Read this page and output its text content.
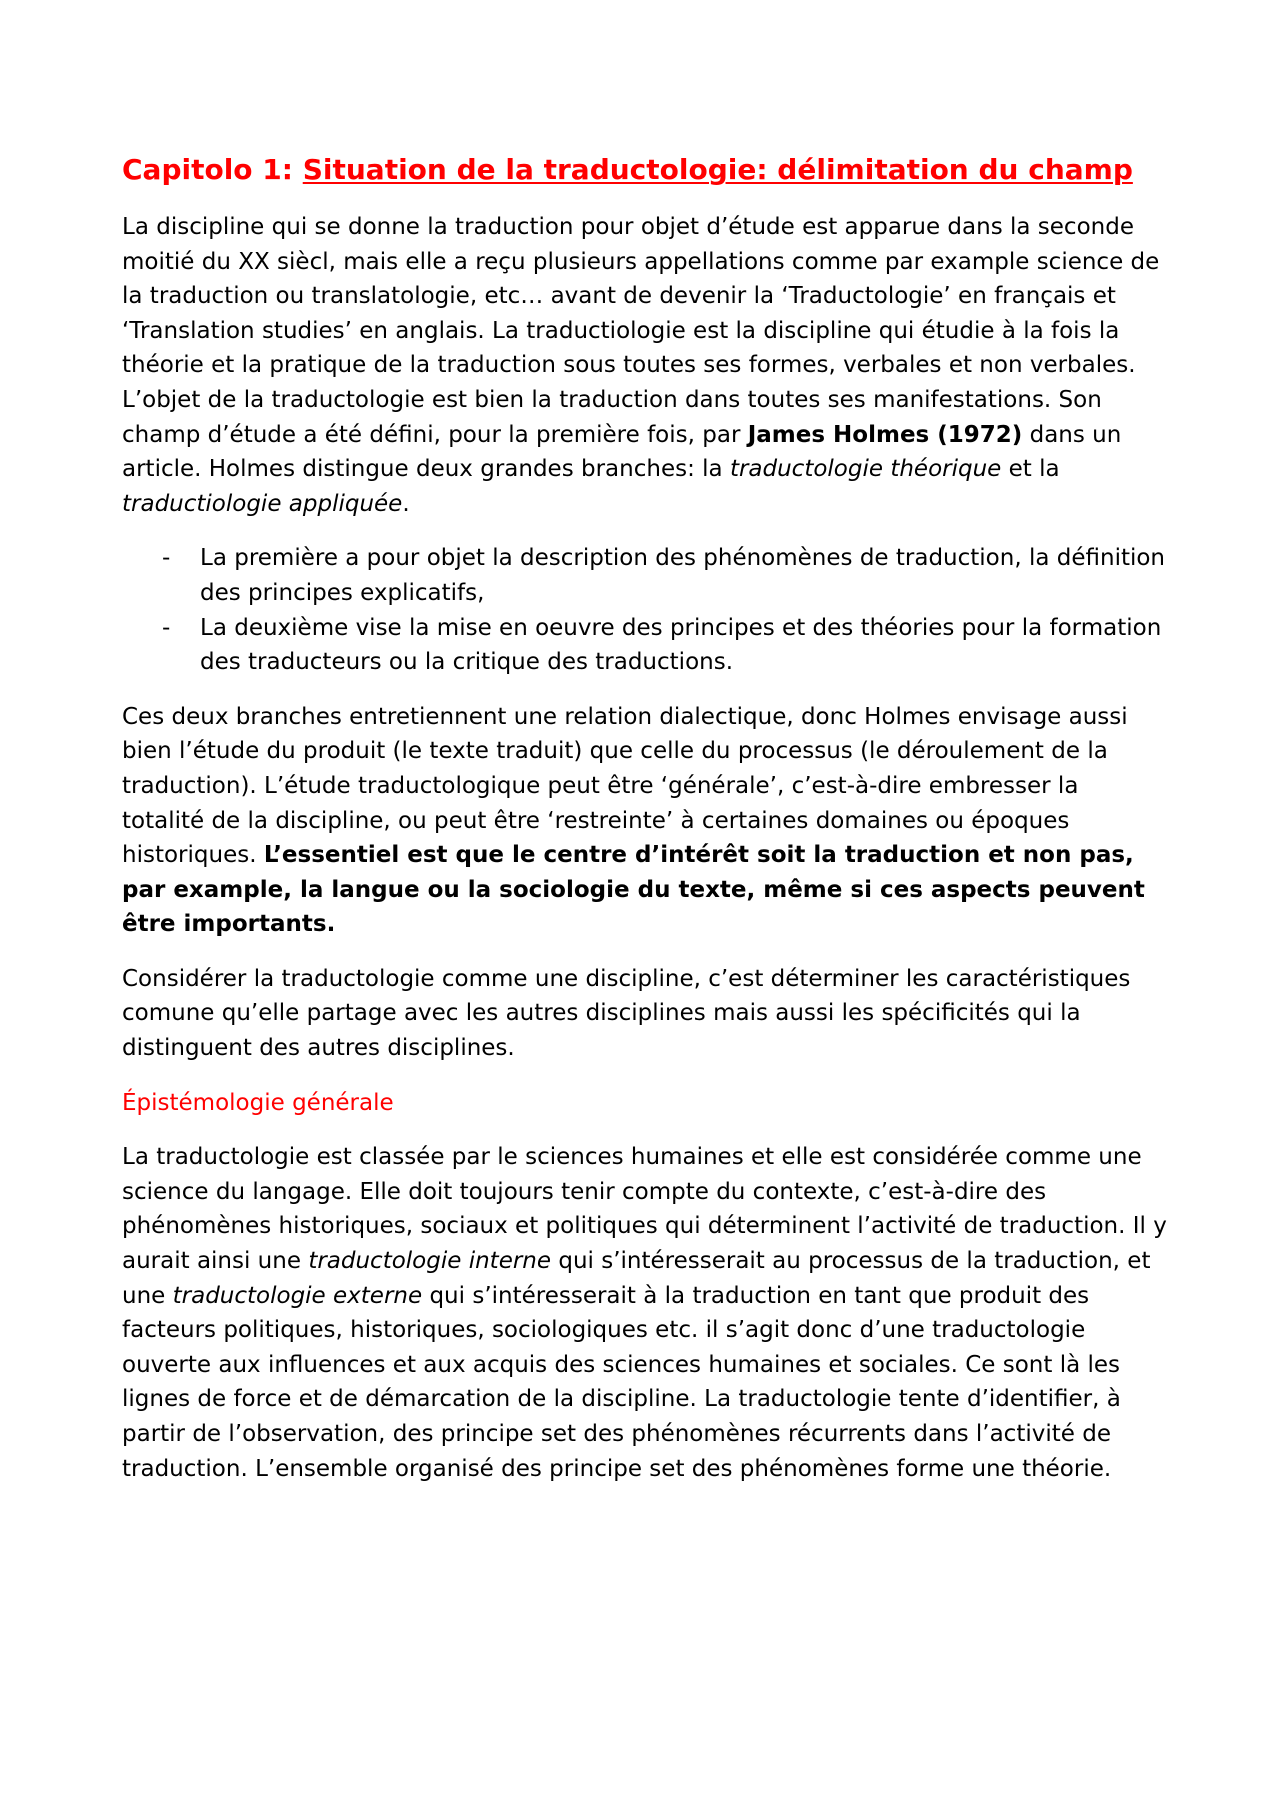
Capitolo 1: Situation de la traductologie: délimitation du champ

La discipline qui se donne la traduction pour objet d’étude est apparue dans la seconde moitié du XX sièc​l, mais elle a reçu plusieurs appellations comme par example science de la traduction ou translatologie, etc… avant de devenir la ‘Traductologie’ en français et ‘Translation studies’ en anglais. La traductiologie est la discipline qui étudie à la fois la théorie et la pratique de la traduction sous toutes ses formes, verbales et non verbales. L’objet de la traductologie est bien la traduction dans toutes ses manifestations. Son champ d’étude a été défini, pour la première fois, par James Holmes (1972) dans un article. Holmes distingue deux grandes branches: la traductologie théorique et la traductiologie appliquée.

- La première a pour objet la description des phénomènes de traduction, la définition des principes explicatifs,
- La deuxième vise la mise en oeuvre des principes et des théories pour la formation des traducteurs ou la critique des traductions.

Ces deux branches entretiennent une relation dialectique, donc Holmes envisage aussi bien l’étude du produit (le texte traduit) que celle du processus (le déroulement de la traduction). L’étude traductologique peut être ‘générale’, c’est-à-dire embresser la totalité de la discipline, ou peut être ‘restreinte’ à certaines domaines ou époques historiques. L’essentiel est que le centre d’intérêt soit la traduction et non pas, par example, la langue ou la sociologie du texte, même si ces aspects peuvent être importants.

Considérer la traductologie comme une discipline, c’est déterminer les caractéristiques comune qu’elle partage avec les autres disciplines mais aussi les spécificités qui la distinguent des autres disciplines.

Épistémologie générale

La traductologie est classée par le sciences humaines et elle est considérée comme une science du langage. Elle doit toujours tenir compte du contexte, c’est-à-dire des phénomènes historiques, sociaux et politiques qui déterminent l’activité de traduction. Il y aurait ainsi une traductologie interne qui s’intéresserait au processus de la traduction, et une traductologie externe qui s’intéresserait à la traduction en tant que produit des facteurs politiques, historiques, sociologiques etc. il s’agit donc d’une traductologie ouverte aux influences et aux acquis des sciences humaines et sociales. Ce sont là les lignes de force et de démarcation de la discipline. La traductologie tente d’identifier, à partir de l’observation, des principe set des phénomènes récurrents dans l’activité de traduction. L’ensemble organisé des principe set des phénomènes forme une théorie.
